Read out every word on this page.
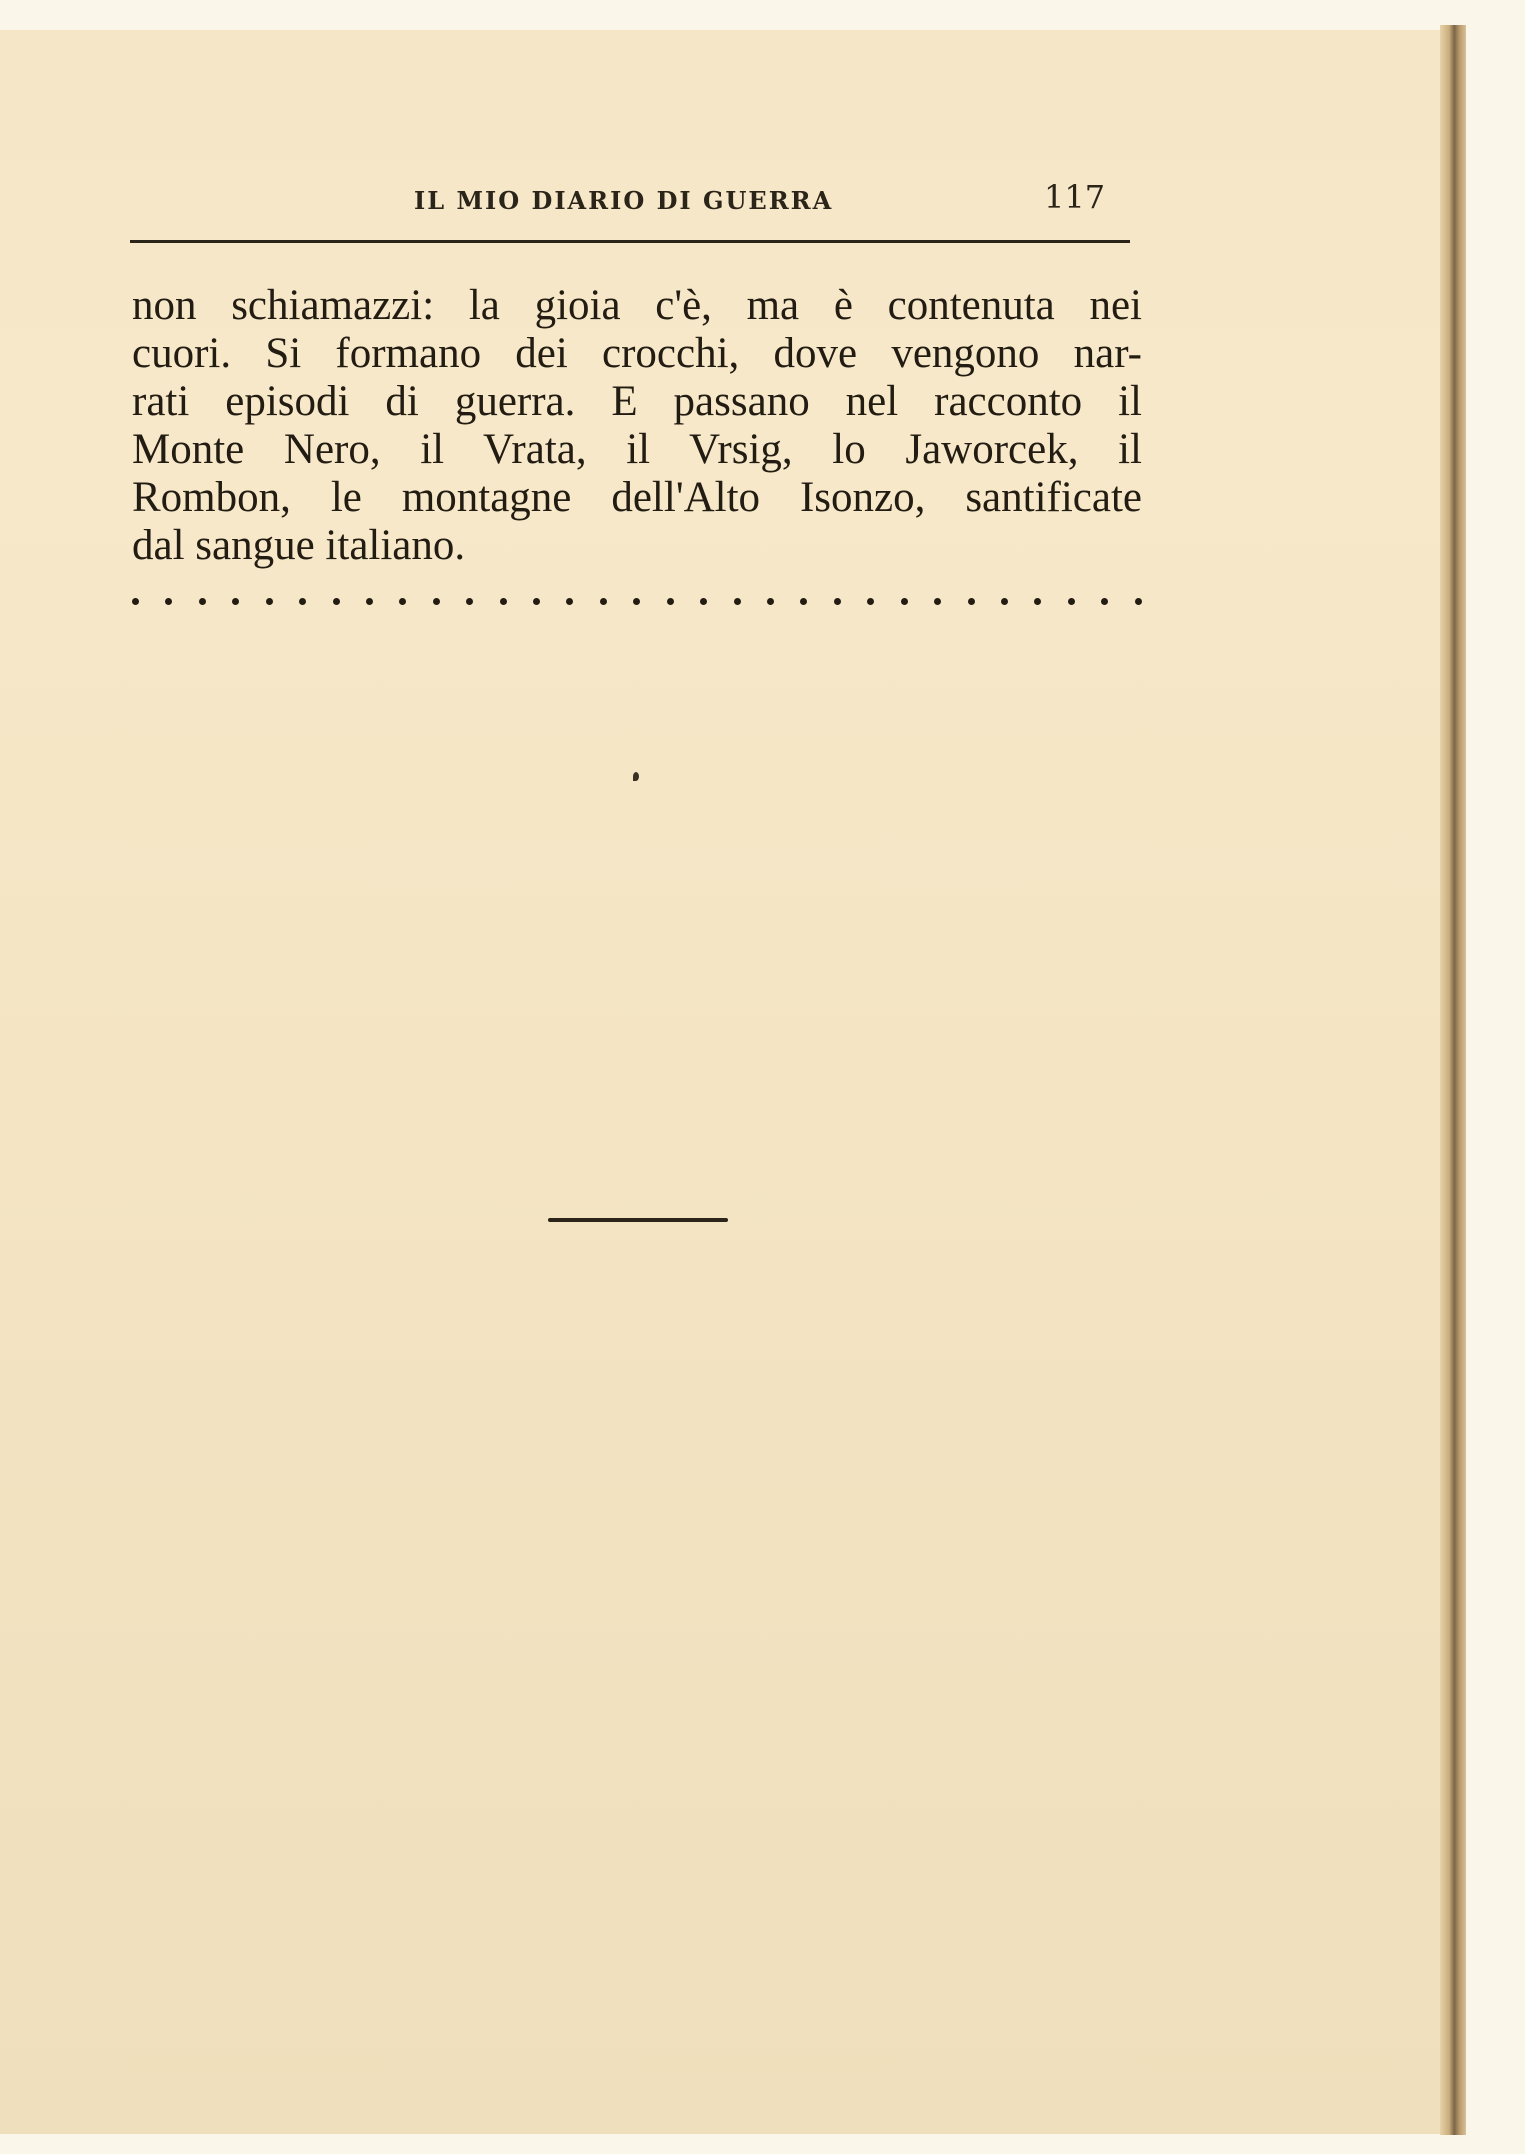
IL MIO DIARIO DI GUERRA	117

non schiamazzi: la gioia c'è, ma è contenuta nei
cuori. Si formano dei crocchi, dove vengono nar-
rati episodi di guerra. E passano nel racconto il
Monte Nero, il Vrata, il Vrsig, lo Jaworcek, il
Rombon, le montagne dell'Alto Isonzo, santificate
dal sangue italiano.
